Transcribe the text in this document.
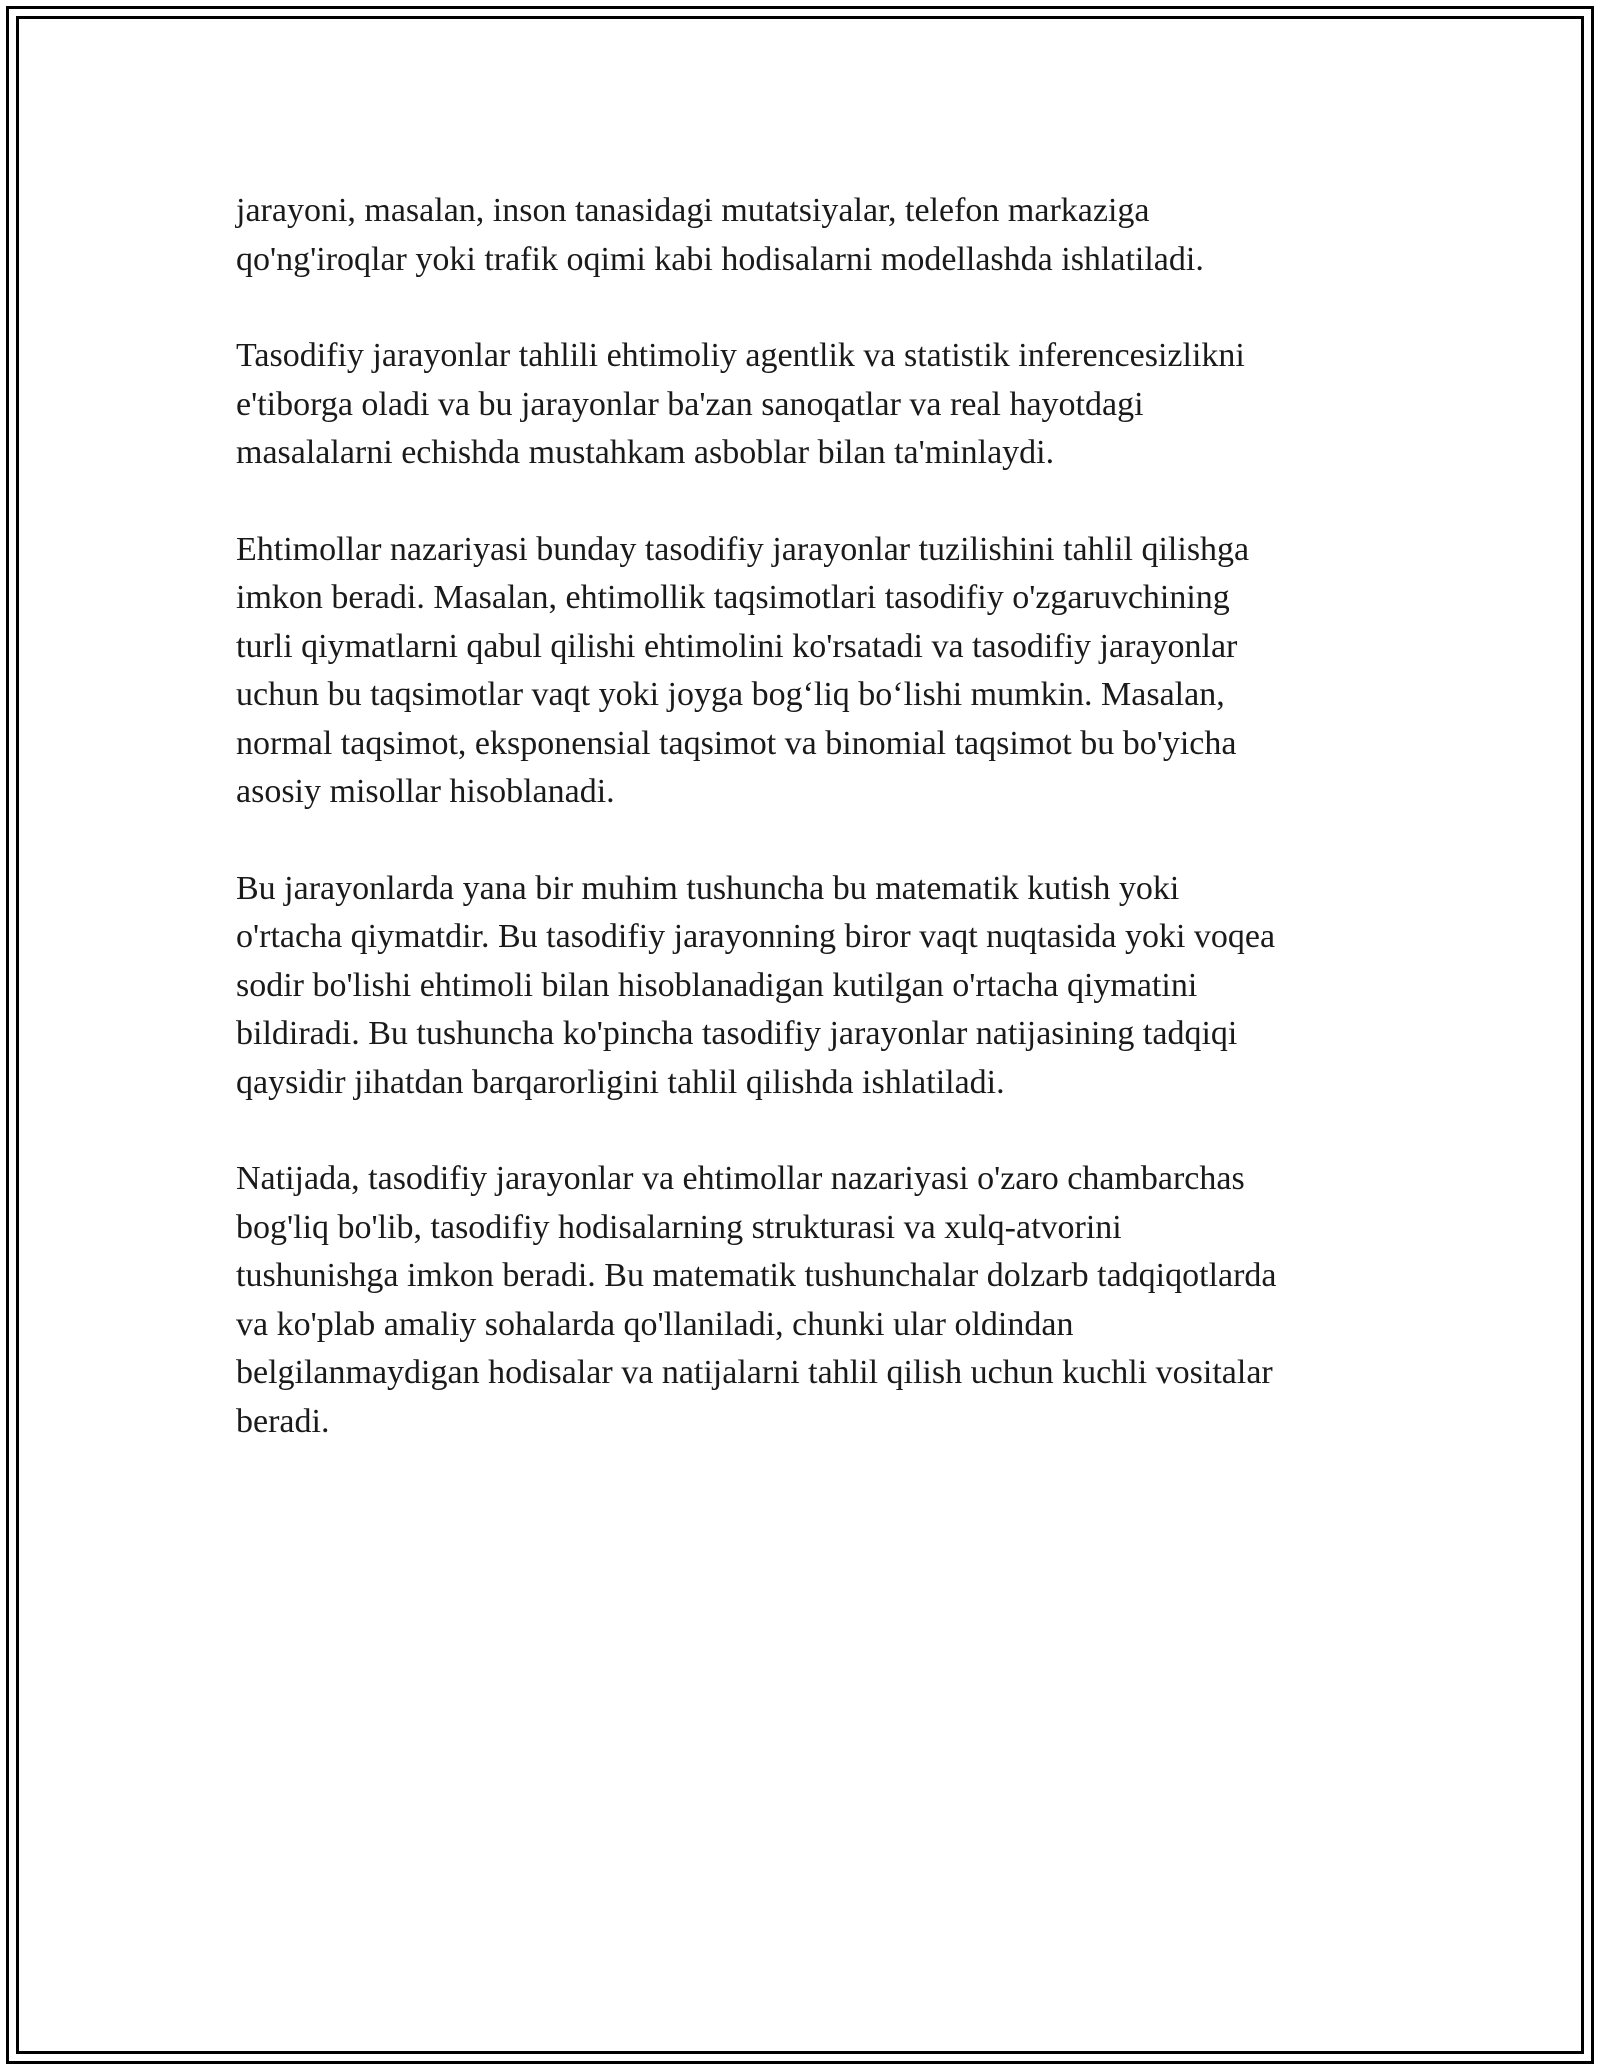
jarayoni, masalan, inson tanasidagi mutatsiyalar, telefon markaziga
qo'ng'iroqlar yoki trafik oqimi kabi hodisalarni modellashda ishlatiladi.

Tasodifiy jarayonlar tahlili ehtimoliy agentlik va statistik inferencesizlikni
e'tiborga oladi va bu jarayonlar ba'zan sanoqatlar va real hayotdagi
masalalarni echishda mustahkam asboblar bilan ta'minlaydi.

Ehtimollar nazariyasi bunday tasodifiy jarayonlar tuzilishini tahlil qilishga
imkon beradi. Masalan, ehtimollik taqsimotlari tasodifiy o'zgaruvchining
turli qiymatlarni qabul qilishi ehtimolini ko'rsatadi va tasodifiy jarayonlar
uchun bu taqsimotlar vaqt yoki joyga bog‘liq bo‘lishi mumkin. Masalan,
normal taqsimot, eksponensial taqsimot va binomial taqsimot bu bo'yicha
asosiy misollar hisoblanadi.

Bu jarayonlarda yana bir muhim tushuncha bu matematik kutish yoki
o'rtacha qiymatdir. Bu tasodifiy jarayonning biror vaqt nuqtasida yoki voqea
sodir bo'lishi ehtimoli bilan hisoblanadigan kutilgan o'rtacha qiymatini
bildiradi. Bu tushuncha ko'pincha tasodifiy jarayonlar natijasining tadqiqi
qaysidir jihatdan barqarorligini tahlil qilishda ishlatiladi.

Natijada, tasodifiy jarayonlar va ehtimollar nazariyasi o'zaro chambarchas
bog'liq bo'lib, tasodifiy hodisalarning strukturasi va xulq-atvorini
tushunishga imkon beradi. Bu matematik tushunchalar dolzarb tadqiqotlarda
va ko'plab amaliy sohalarda qo'llaniladi, chunki ular oldindan
belgilanmaydigan hodisalar va natijalarni tahlil qilish uchun kuchli vositalar
beradi.
